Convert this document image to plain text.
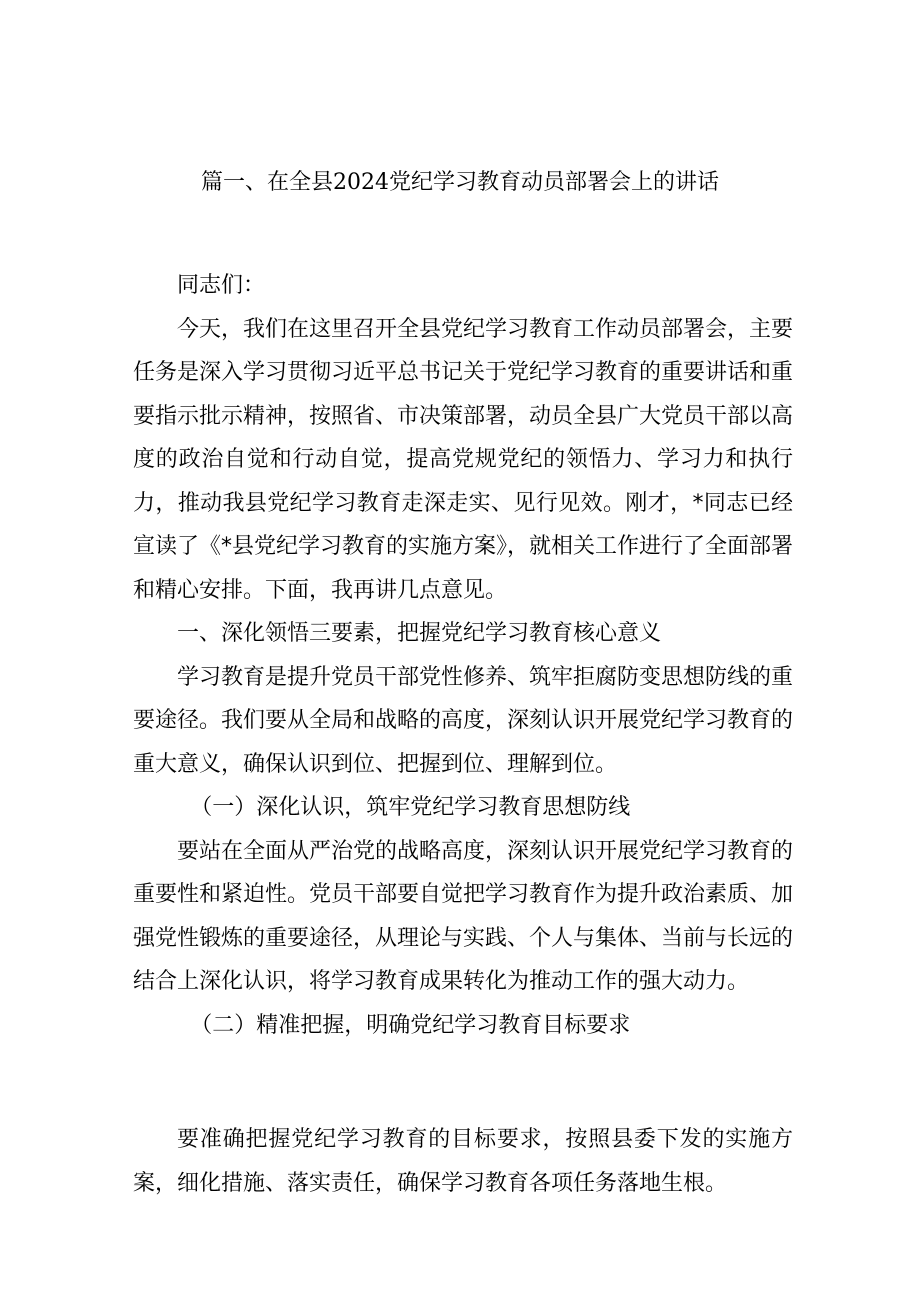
篇一、在全县2024党纪学习教育动员部署会上的讲话

同志们：

今天，我们在这里召开全县党纪学习教育工作动员部署会，主要任务是深入学习贯彻习近平总书记关于党纪学习教育的重要讲话和重要指示批示精神，按照省、市决策部署，动员全县广大党员干部以高度的政治自觉和行动自觉，提高党规党纪的领悟力、学习力和执行力，推动我县党纪学习教育走深走实、见行见效。刚才，*同志已经宣读了《*县党纪学习教育的实施方案》，就相关工作进行了全面部署和精心安排。下面，我再讲几点意见。

一、深化领悟三要素，把握党纪学习教育核心意义

学习教育是提升党员干部党性修养、筑牢拒腐防变思想防线的重要途径。我们要从全局和战略的高度，深刻认识开展党纪学习教育的重大意义，确保认识到位、把握到位、理解到位。

（一）深化认识，筑牢党纪学习教育思想防线

要站在全面从严治党的战略高度，深刻认识开展党纪学习教育的重要性和紧迫性。党员干部要自觉把学习教育作为提升政治素质、加强党性锻炼的重要途径，从理论与实践、个人与集体、当前与长远的结合上深化认识，将学习教育成果转化为推动工作的强大动力。

（二）精准把握，明确党纪学习教育目标要求

要准确把握党纪学习教育的目标要求，按照县委下发的实施方案，细化措施、落实责任，确保学习教育各项任务落地生根。
